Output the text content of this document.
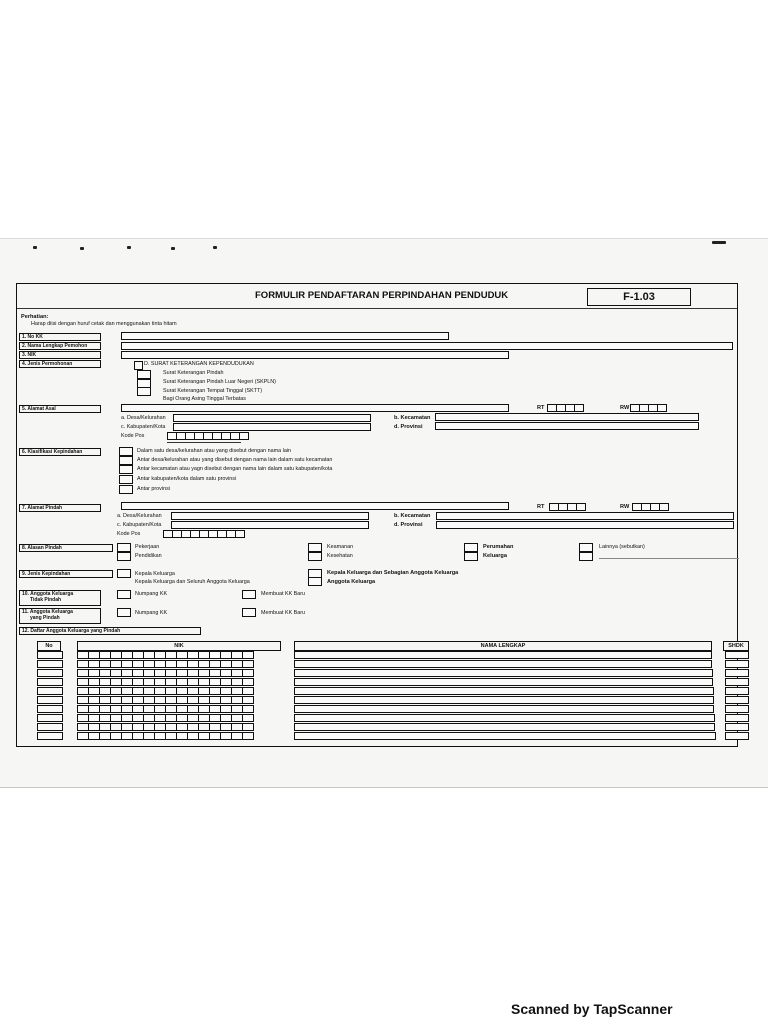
FORMULIR PENDAFTARAN PERPINDAHAN PENDUDUK	F-1.03
Perhatian:
Harap diisi dengan huruf cetak dan menggunakan tinta hitam
1. No KK
2. Nama Lengkap Pemohon
3. NIK
4. Jenis Permohonan	D. SURAT KETERANGAN KEPENDUDUKAN
Surat Keterangan Pindah
Surat Keterangan Pindah Luar Negeri (SKPLN)
Surat Keterangan Tempat Tinggal (SKTT)
Bagi Orang Asing Tinggal Terbatas
5. Alamat Asal	RT	RW
a. Desa/Kelurahan	b. Kecamatan
c. Kabupaten/Kota	d. Provinsi
Kode Pos
6. Klasifikasi Kepindahan	Dalam satu desa/kelurahan atau yang disebut dengan nama lain
Antar desa/kelurahan atau yang disebut dengan nama lain dalam satu kecamatan
Antar kecamatan atau yagn disebut dengan nama lain dalam satu kabupaten/kota
Antar kabupaten/kota dalam satu provinsi
Antar provinsi
7. Alamat Pindah	RT	RW
a. Desa/Kelurahan	b. Kecamatan
c. Kabupaten/Kota	d. Provinsi
Kode Pos
8. Alasan Pindah	Pekerjaan
Pendidikan
Keamanan
Kesehatan
Perumahan
Keluarga
Lainnya (sebutkan)
9. Jenis Kepindahan	Kepala Keluarga
Kepala Keluarga dan Seluruh Anggota Keluarga
Kepala Keluarga dan Sebagian Anggota Keluarga
Anggota Keluarga
10. Anggota Keluarga
Tidak Pindah
Numpang KK	Membuat KK Baru
11. Anggota Keluarga
yang Pindah
Numpang KK	Membuat KK Baru
12. Daftar Anggota Keluarga yang Pindah
No	NIK	NAMA LENGKAP	SHDK
Scanned by TapScanner
